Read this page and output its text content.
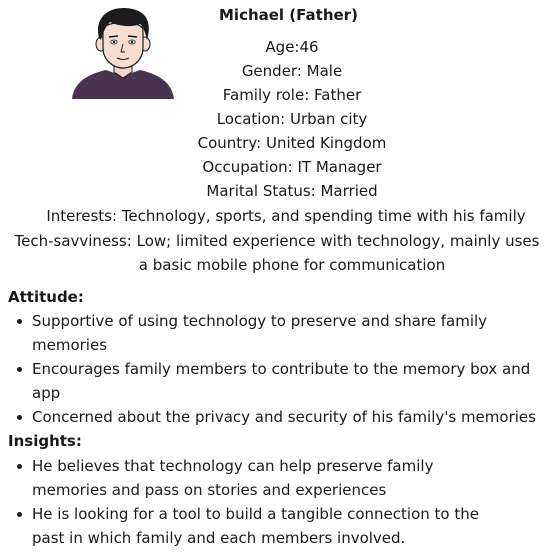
Michael (Father)
Age:46
Gender: Male
Family role: Father
Location: Urban city
Country: United Kingdom
Occupation: IT Manager
Marital Status: Married
Interests: Technology, sports, and spending time with his family
Tech-savviness: Low; limited experience with technology, mainly uses
a basic mobile phone for communication
Attitude:
Supportive of using technology to preserve and share family memories
Encourages family members to contribute to the memory box and app
Concerned about the privacy and security of his family's memories
Insights:
He believes that technology can help preserve family memories and pass on stories and experiences
He is looking for a tool to build a tangible connection to the past in which family and each members involved.
